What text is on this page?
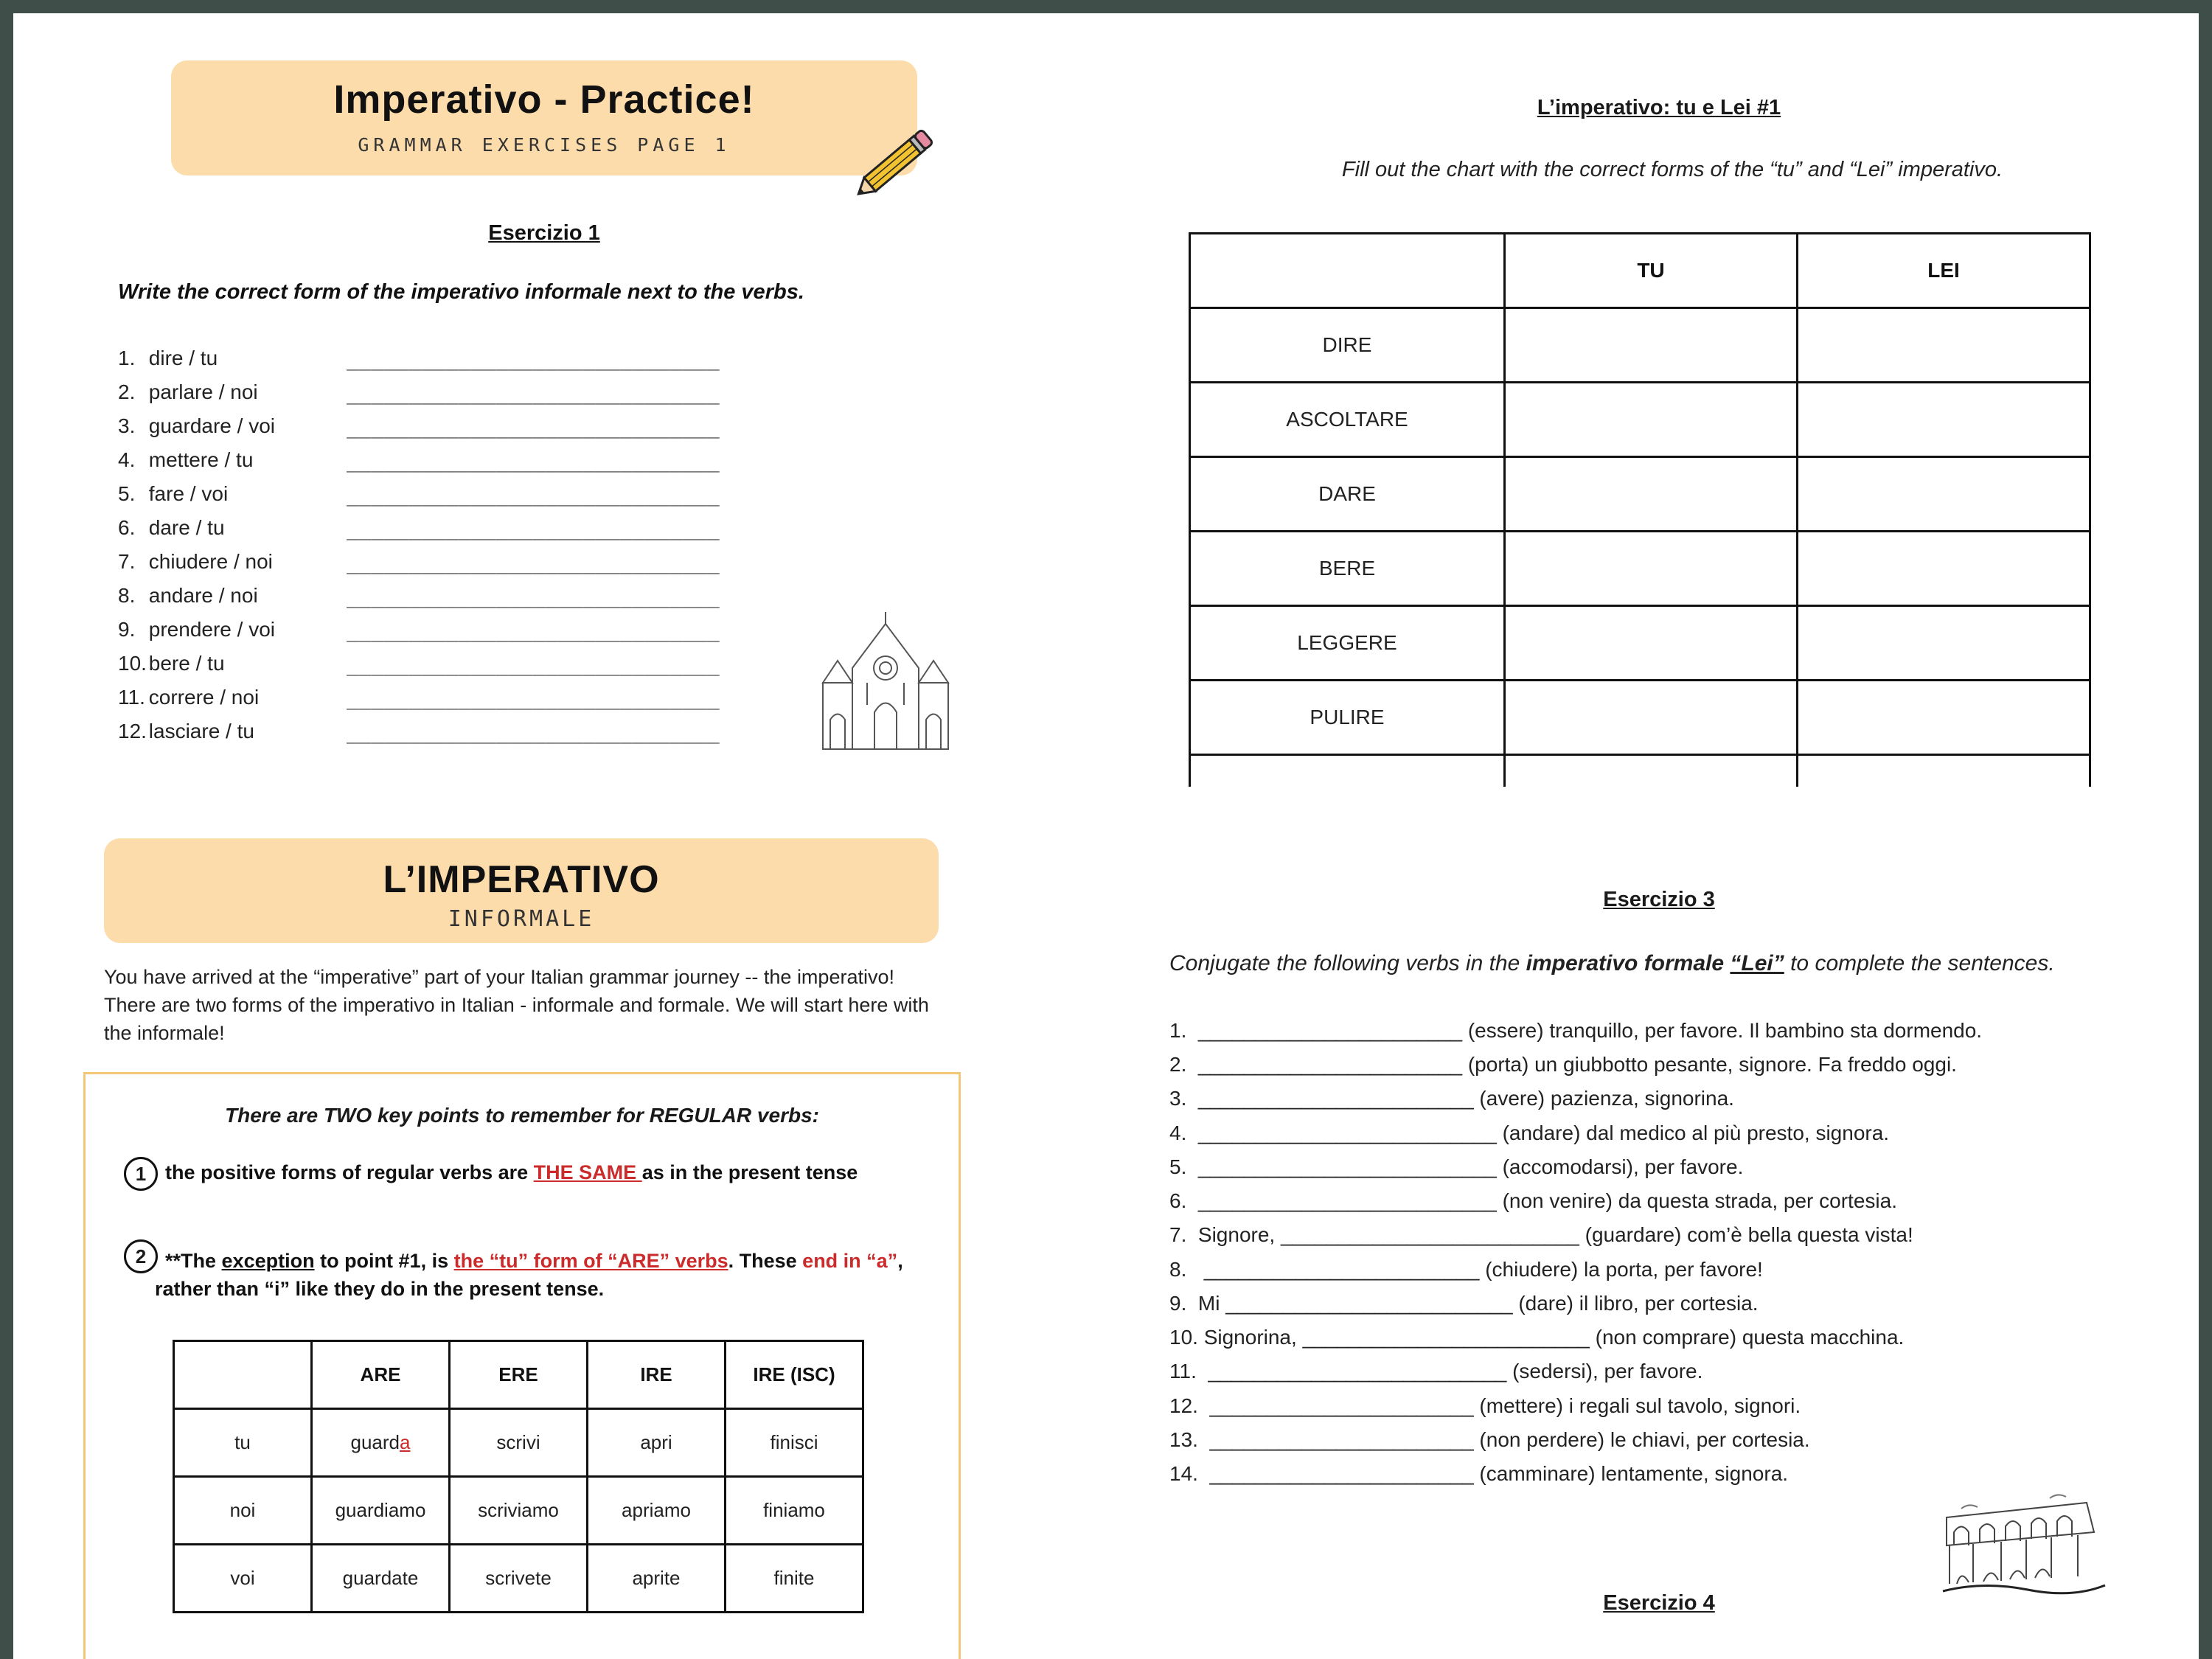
Imperativo - Practice!
GRAMMAR EXERCISES PAGE 1
Esercizio 1
Write the correct form of the imperativo informale next to the verbs.
1. dire / tu	______________________________
2. parlare / noi	______________________________
3. guardare / voi	______________________________
4. mettere / tu	______________________________
5. fare / voi	______________________________
6. dare / tu	______________________________
7. chiudere / noi	______________________________
8. andare / noi	______________________________
9. prendere / voi	______________________________
10. bere / tu	______________________________
11. correre / noi	______________________________
12. lasciare / tu	______________________________
L’IMPERATIVO
INFORMALE
You have arrived at the “imperative” part of your Italian grammar journey -- the imperativo! There are two forms of the imperativo in Italian - informale and formale. We will start here with the informale!
There are TWO key points to remember for REGULAR verbs:
1 the positive forms of regular verbs are THE SAME as in the present tense
2 **The exception to point #1, is the “tu” form of “ARE” verbs. These end in “a”,
rather than “i” like they do in the present tense.
	ARE	ERE	IRE	IRE (ISC)
tu	guarda	scrivi	apri	finisci
noi	guardiamo	scriviamo	apriamo	finiamo
voi	guardate	scrivete	aprite	finite
L’imperativo: tu e Lei #1
Fill out the chart with the correct forms of the “tu” and “Lei” imperativo.
	TU	LEI
DIRE		
ASCOLTARE		
DARE		
BERE		
LEGGERE		
PULIRE		

Esercizio 3
Conjugate the following verbs in the imperativo formale “Lei” to complete the sentences.
1.  _______________________ (essere) tranquillo, per favore. Il bambino sta dormendo.
2.  _______________________ (porta) un giubbotto pesante, signore. Fa freddo oggi.
3.  ________________________ (avere) pazienza, signorina.
4.  __________________________ (andare) dal medico al più presto, signora.
5.  __________________________ (accomodarsi), per favore.
6.  __________________________ (non venire) da questa strada, per cortesia.
7.  Signore, __________________________ (guardare) com’è bella questa vista!
8.   ________________________ (chiudere) la porta, per favore!
9.  Mi _________________________ (dare) il libro, per cortesia.
10. Signorina, _________________________ (non comprare) questa macchina.
11.  __________________________ (sedersi), per favore.
12.  _______________________ (mettere) i regali sul tavolo, signori.
13.  _______________________ (non perdere) le chiavi, per cortesia.
14.  _______________________ (camminare) lentamente, signora.
Esercizio 4
